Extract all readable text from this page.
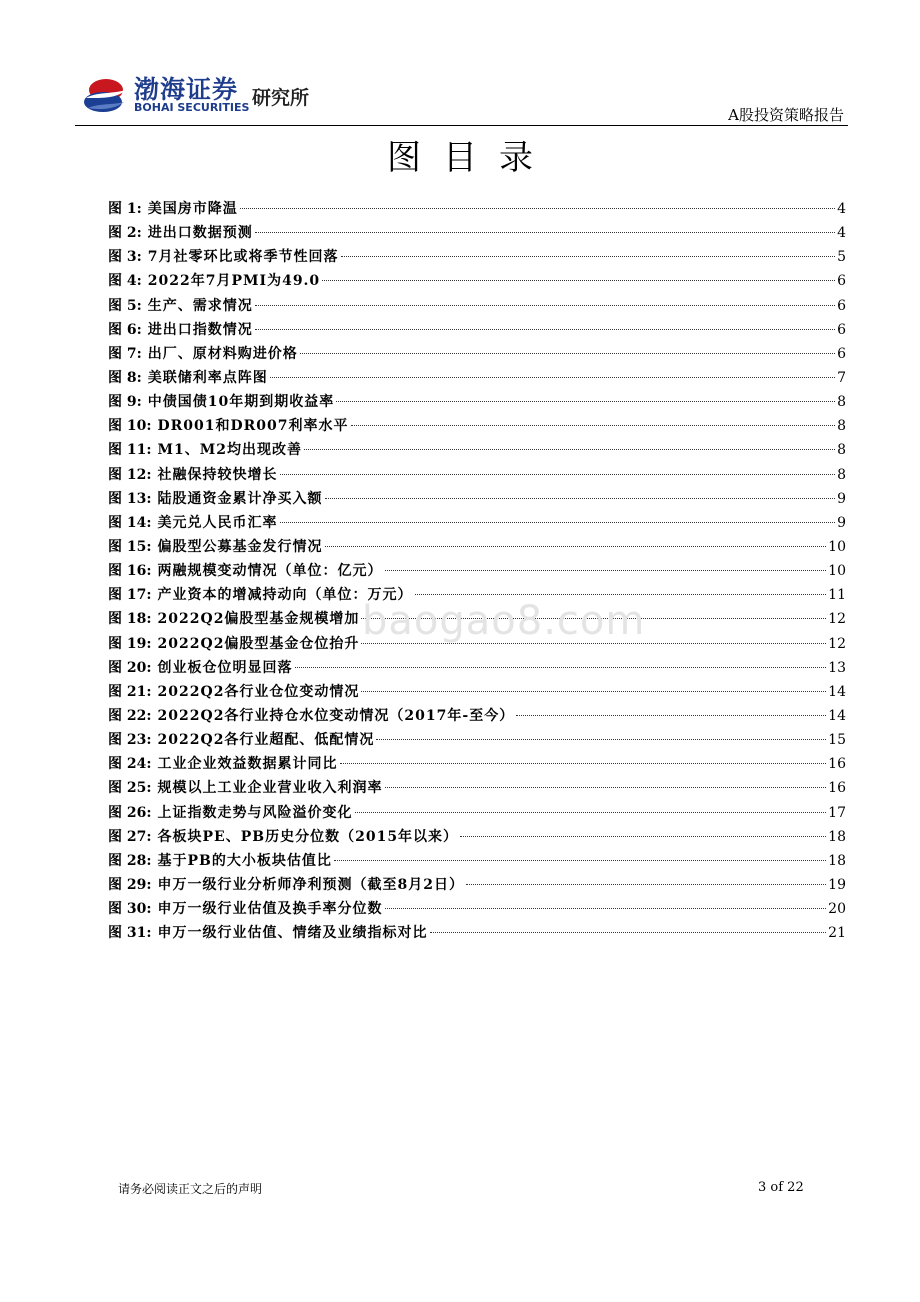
渤海证券
BOHAI SECURITIES 研究所
A股投资策略报告
图目录
图 1: 美国房市降温	4
图 2: 进出口数据预测	4
图 3: 7月社零环比或将季节性回落	5
图 4: 2022年7月PMI为49.0	6
图 5: 生产、需求情况	6
图 6: 进出口指数情况	6
图 7: 出厂、原材料购进价格	6
图 8: 美联储利率点阵图	7
图 9: 中债国债10年期到期收益率	8
图 10: DR001和DR007利率水平	8
图 11: M1、M2均出现改善	8
图 12: 社融保持较快增长	8
图 13: 陆股通资金累计净买入额	9
图 14: 美元兑人民币汇率	9
图 15: 偏股型公募基金发行情况	10
图 16: 两融规模变动情况（单位：亿元）	10
图 17: 产业资本的增减持动向（单位：万元）	11
图 18: 2022Q2偏股型基金规模增加	12
图 19: 2022Q2偏股型基金仓位抬升	12
图 20: 创业板仓位明显回落	13
图 21: 2022Q2各行业仓位变动情况	14
图 22: 2022Q2各行业持仓水位变动情况（2017年-至今）	14
图 23: 2022Q2各行业超配、低配情况	15
图 24: 工业企业效益数据累计同比	16
图 25: 规模以上工业企业营业收入利润率	16
图 26: 上证指数走势与风险溢价变化	17
图 27: 各板块PE、PB历史分位数（2015年以来）	18
图 28: 基于PB的大小板块估值比	18
图 29: 申万一级行业分析师净利预测（截至8月2日）	19
图 30: 申万一级行业估值及换手率分位数	20
图 31: 申万一级行业估值、情绪及业绩指标对比	21
baogao8.com
请务必阅读正文之后的声明	3 of 22
